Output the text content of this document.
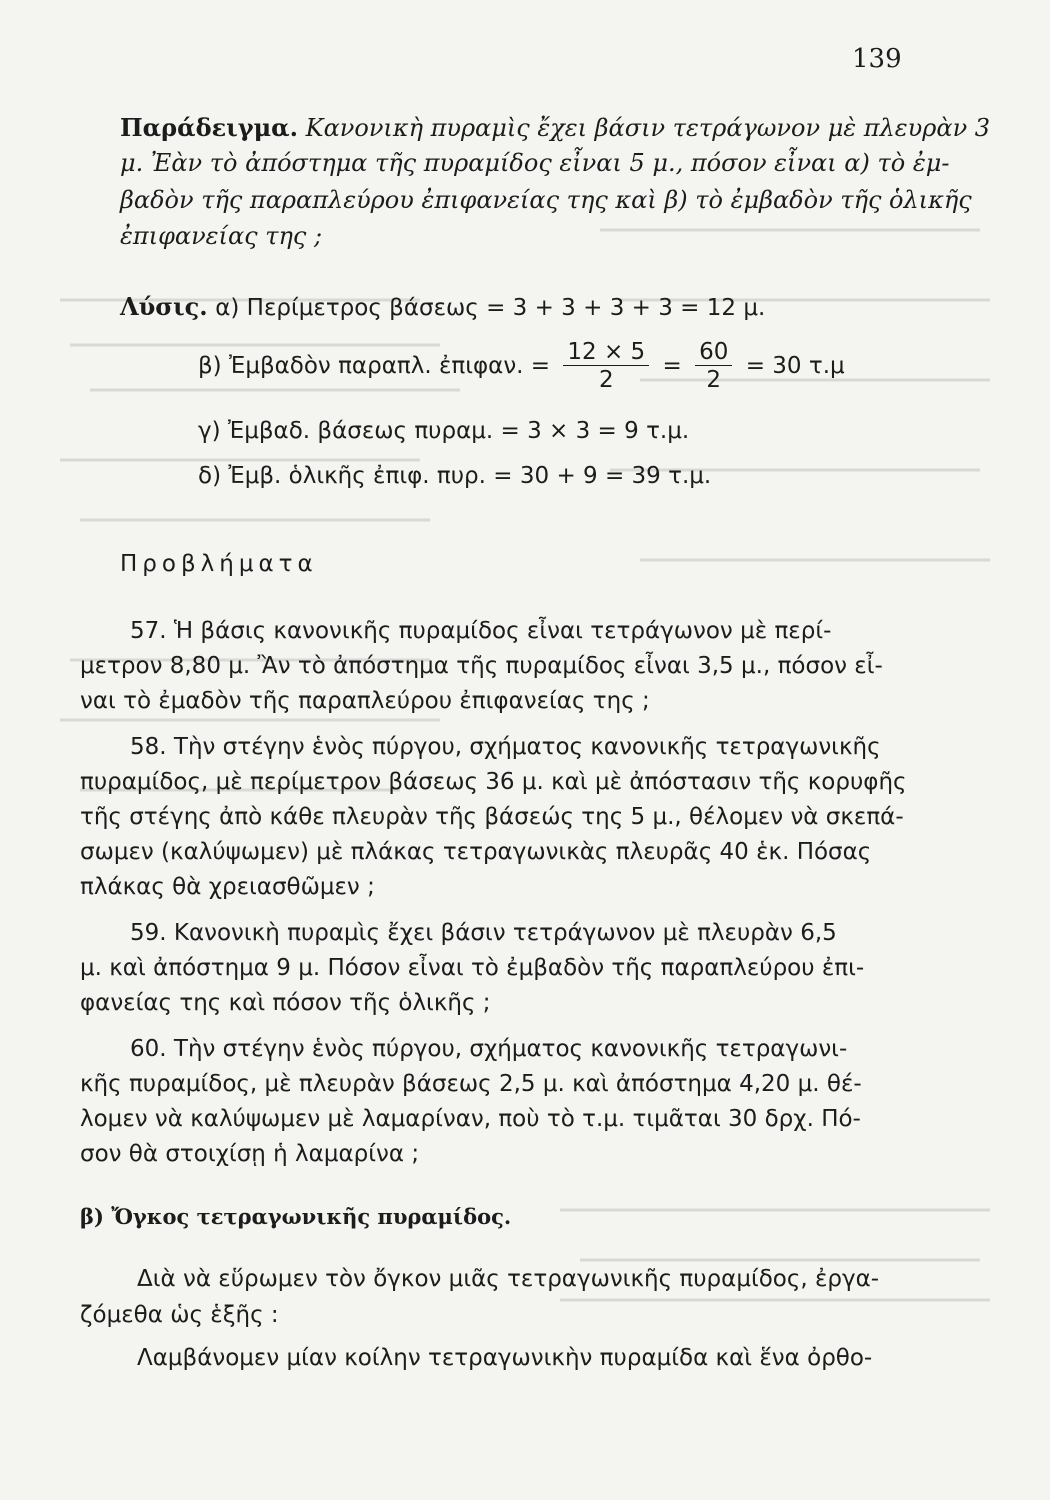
139
Παράδειγμα. Κανονικὴ πυραμὶς ἔχει βάσιν τετράγωνον μὲ πλευρὰν 3
μ. Ἐὰν τὸ ἀπόστημα τῆς πυραμίδος εἶναι 5 μ., πόσον εἶναι α) τὸ ἐμ-
βαδὸν τῆς παραπλεύρου ἐπιφανείας της καὶ β) τὸ ἐμβαδὸν τῆς ὁλικῆς
ἐπιφανείας της ;
Λύσις. α) Περίμετρος βάσεως = 3 + 3 + 3 + 3 = 12 μ.
β) Ἐμβαδὸν παραπλ. ἐπιφαν. = $\frac{12 \times 5}{2} = \frac{60}{2} = 30$ τ.μ
γ) Ἐμβαδ. βάσεως πυραμ. = 3 × 3 = 9 τ.μ.
δ) Ἐμβ. ὁλικῆς ἐπιφ. πυρ. = 30 + 9 = 39 τ.μ.
Προβλήματα
57. Ἡ βάσις κανονικῆς πυραμίδος εἶναι τετράγωνον μὲ περί-
μετρον 8,80 μ. Ἂν τὸ ἀπόστημα τῆς πυραμίδος εἶναι 3,5 μ., πόσον εἶ-
ναι τὸ ἐμαδὸν τῆς παραπλεύρου ἐπιφανείας της ;
58. Τὴν στέγην ἑνὸς πύργου, σχήματος κανονικῆς τετραγωνικῆς
πυραμίδος, μὲ περίμετρον βάσεως 36 μ. καὶ μὲ ἀπόστασιν τῆς κορυφῆς
τῆς στέγης ἀπὸ κάθε πλευρὰν τῆς βάσεώς της 5 μ., θέλομεν νὰ σκεπά-
σωμεν (καλύψωμεν) μὲ πλάκας τετραγωνικὰς πλευρᾶς 40 ἑκ. Πόσας
πλάκας θὰ χρειασθῶμεν ;
59. Κανονικὴ πυραμὶς ἔχει βάσιν τετράγωνον μὲ πλευρὰν 6,5
μ. καὶ ἀπόστημα 9 μ. Πόσον εἶναι τὸ ἐμβαδὸν τῆς παραπλεύρου ἐπι-
φανείας της καὶ πόσον τῆς ὁλικῆς ;
60. Τὴν στέγην ἑνὸς πύργου, σχήματος κανονικῆς τετραγωνι-
κῆς πυραμίδος, μὲ πλευρὰν βάσεως 2,5 μ. καὶ ἀπόστημα 4,20 μ. θέ-
λομεν νὰ καλύψωμεν μὲ λαμαρίναν, ποὺ τὸ τ.μ. τιμᾶται 30 δρχ. Πό-
σον θὰ στοιχίσῃ ἡ λαμαρίνα ;
β) Ὄγκος τετραγωνικῆς πυραμίδος.
Διὰ νὰ εὕρωμεν τὸν ὄγκον μιᾶς τετραγωνικῆς πυραμίδος, ἐργα-
ζόμεθα ὡς ἑξῆς :
Λαμβάνομεν μίαν κοίλην τετραγωνικὴν πυραμίδα καὶ ἕνα ὀρθο-
